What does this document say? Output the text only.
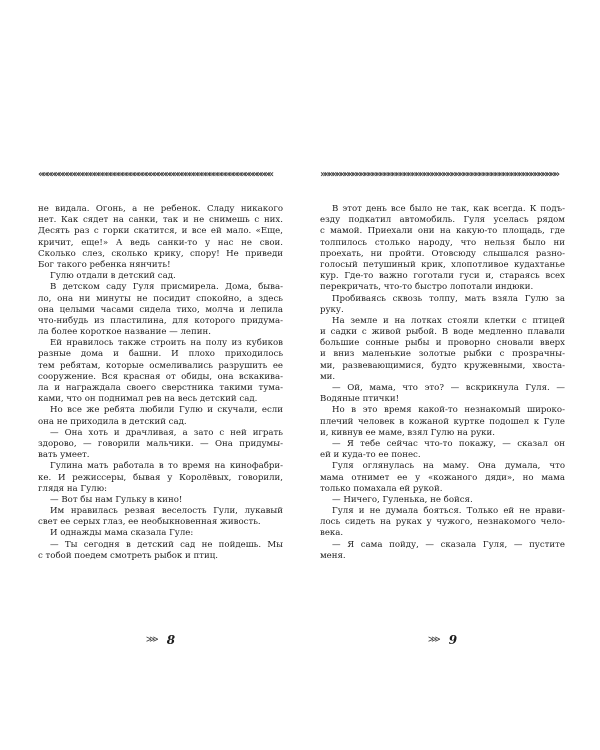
«««««««««««««««««««««««««««««««««««««««««««««««««««««««««««
не видала. Огонь, а не ребенок. Сладу никакого
нет. Как сядет на санки, так и не снимешь с них.
Десять раз с горки скатится, и все ей мало. «Еще,
кричит, еще!» А ведь санки-то у нас не свои.
Сколько слез, сколько крику, спору! Не приведи
Бог такого ребенка нянчить!
Гулю отдали в детский сад.
В детском саду Гуля присмирела. Дома, быва-
ло, она ни минуты не посидит спокойно, а здесь
она целыми часами сидела тихо, молча и лепила
что-нибудь из пластилина, для которого придума-
ла более короткое название — лепин.
Ей нравилось также строить на полу из кубиков
разные дома и башни. И плохо приходилось
тем ребятам, которые осмеливались разрушить ее
сооружение. Вся красная от обиды, она вскакива-
ла и награждала своего сверстника такими тума-
ками, что он поднимал рев на весь детский сад.
Но все же ребята любили Гулю и скучали, если
она не приходила в детский сад.
— Она хоть и драчливая, а зато с ней играть
здорово, — говорили мальчики. — Она придумы-
вать умеет.
Гулина мать работала в то время на кинофабри-
ке. И режиссеры, бывая у Королёвых, говорили,
глядя на Гулю:
— Вот бы нам Гульку в кино!
Им нравилась резвая веселость Гули, лукавый
свет ее серых глаз, ее необыкновенная живость.
И однажды мама сказала Гуле:
— Ты сегодня в детский сад не пойдешь. Мы
с тобой поедем смотреть рыбок и птиц.
»»»»»»»»»»»»»»»»»»»»»»»»»»»»»»»»»»»»»»»»»»»»»»»»»»»»»»»»»»»»
В этот день все было не так, как всегда. К подъ-
езду подкатил автомобиль. Гуля уселась рядом
с мамой. Приехали они на какую-то площадь, где
толпилось столько народу, что нельзя было ни
проехать, ни пройти. Отовсюду слышался разно-
голосый петушиный крик, хлопотливое кудахтанье
кур. Где-то важно гоготали гуси и, стараясь всех
перекричать, что-то быстро лопотали индюки.
Пробиваясь сквозь толпу, мать взяла Гулю за
руку.
На земле и на лотках стояли клетки с птицей
и садки с живой рыбой. В воде медленно плавали
большие сонные рыбы и проворно сновали вверх
и вниз маленькие золотые рыбки с прозрачны-
ми, развевающимися, будто кружевными, хвоста-
ми.
— Ой, мама, что это? — вскрикнула Гуля. —
Водяные птички!
Но в это время какой-то незнакомый широко-
плечий человек в кожаной куртке подошел к Гуле
и, кивнув ее маме, взял Гулю на руки.
— Я тебе сейчас что-то покажу, — сказал он
ей и куда-то ее понес.
Гуля оглянулась на маму. Она думала, что
мама отнимет ее у «кожаного дяди», но мама
только помахала ей рукой.
— Ничего, Гуленька, не бойся.
Гуля и не думала бояться. Только ей не нрави-
лось сидеть на руках у чужого, незнакомого чело-
века.
— Я сама пойду, — сказала Гуля, — пустите
меня.
⋙ 8	⋙ 9
